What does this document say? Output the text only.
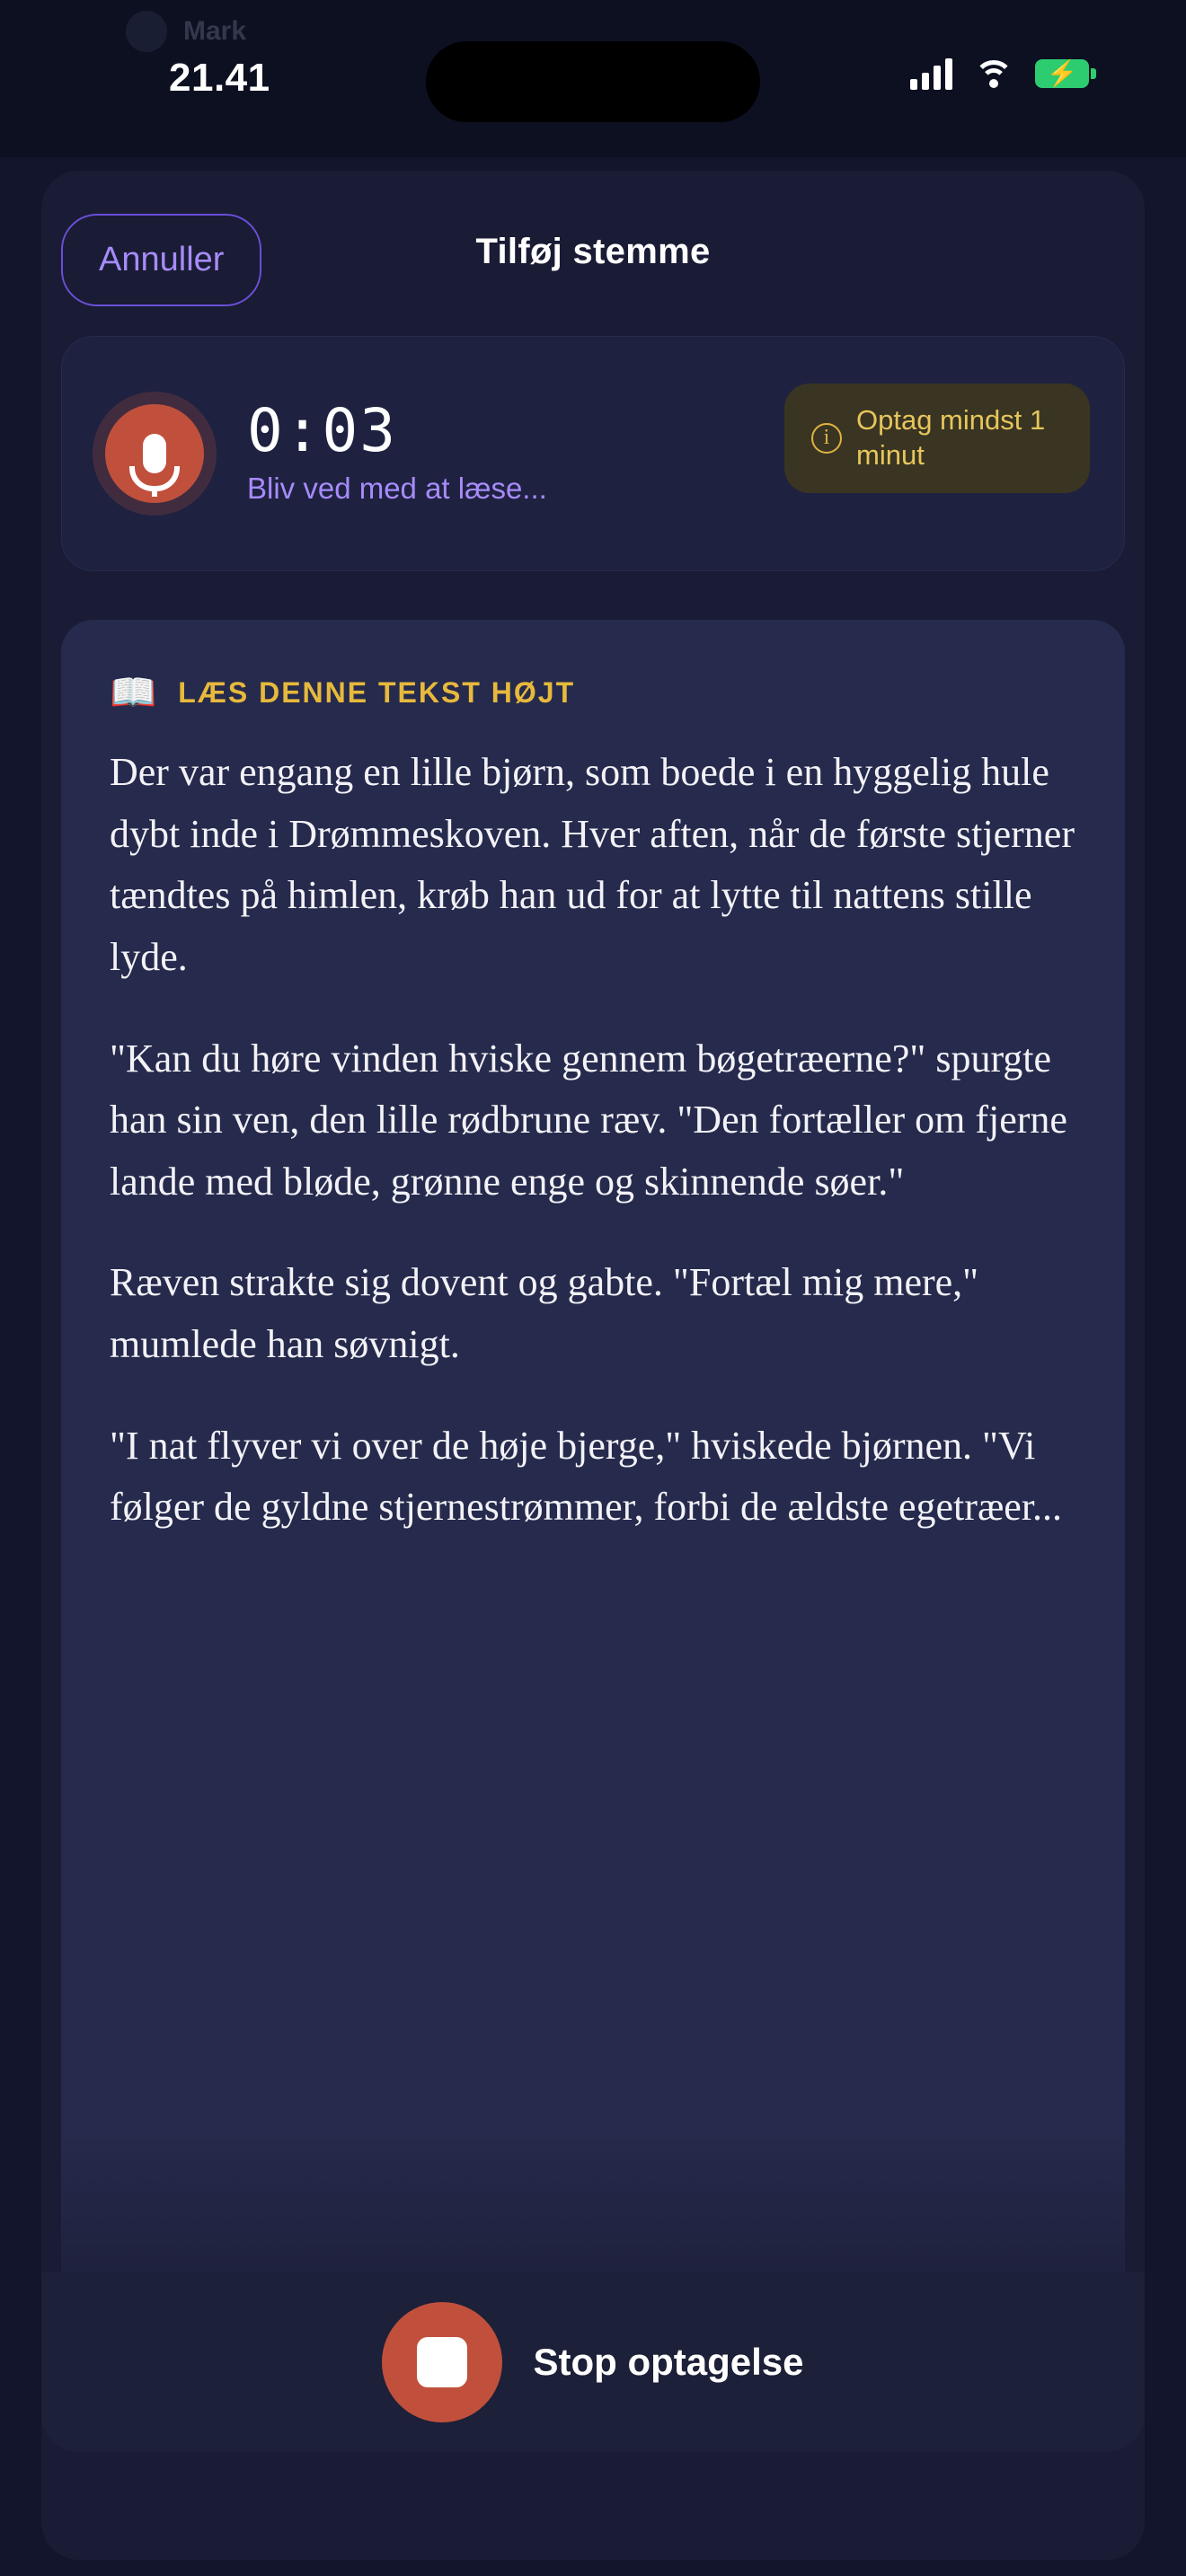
Mark
21.41	⚡
Annuller	Tilføj stemme
0:03
Bliv ved med at læse...
i
Optag mindst 1 minut
📖 LÆS DENNE TEKST HØJT

Der var engang en lille bjørn, som boede i en hyggelig hule dybt inde i Drømmeskoven. Hver aften, når de første stjerner tændtes på himlen, krøb han ud for at lytte til nattens stille lyde.

"Kan du høre vinden hviske gennem bøgetræerne?" spurgte han sin ven, den lille rødbrune ræv. "Den fortæller om fjerne lande med bløde, grønne enge og skinnende søer."

Ræven strakte sig dovent og gabte. "Fortæl mig mere," mumlede han søvnigt.

"I nat flyver vi over de høje bjerge," hviskede bjørnen. "Vi følger de gyldne stjernestrømmer, forbi de ældste egetræer...

Stop optagelse
